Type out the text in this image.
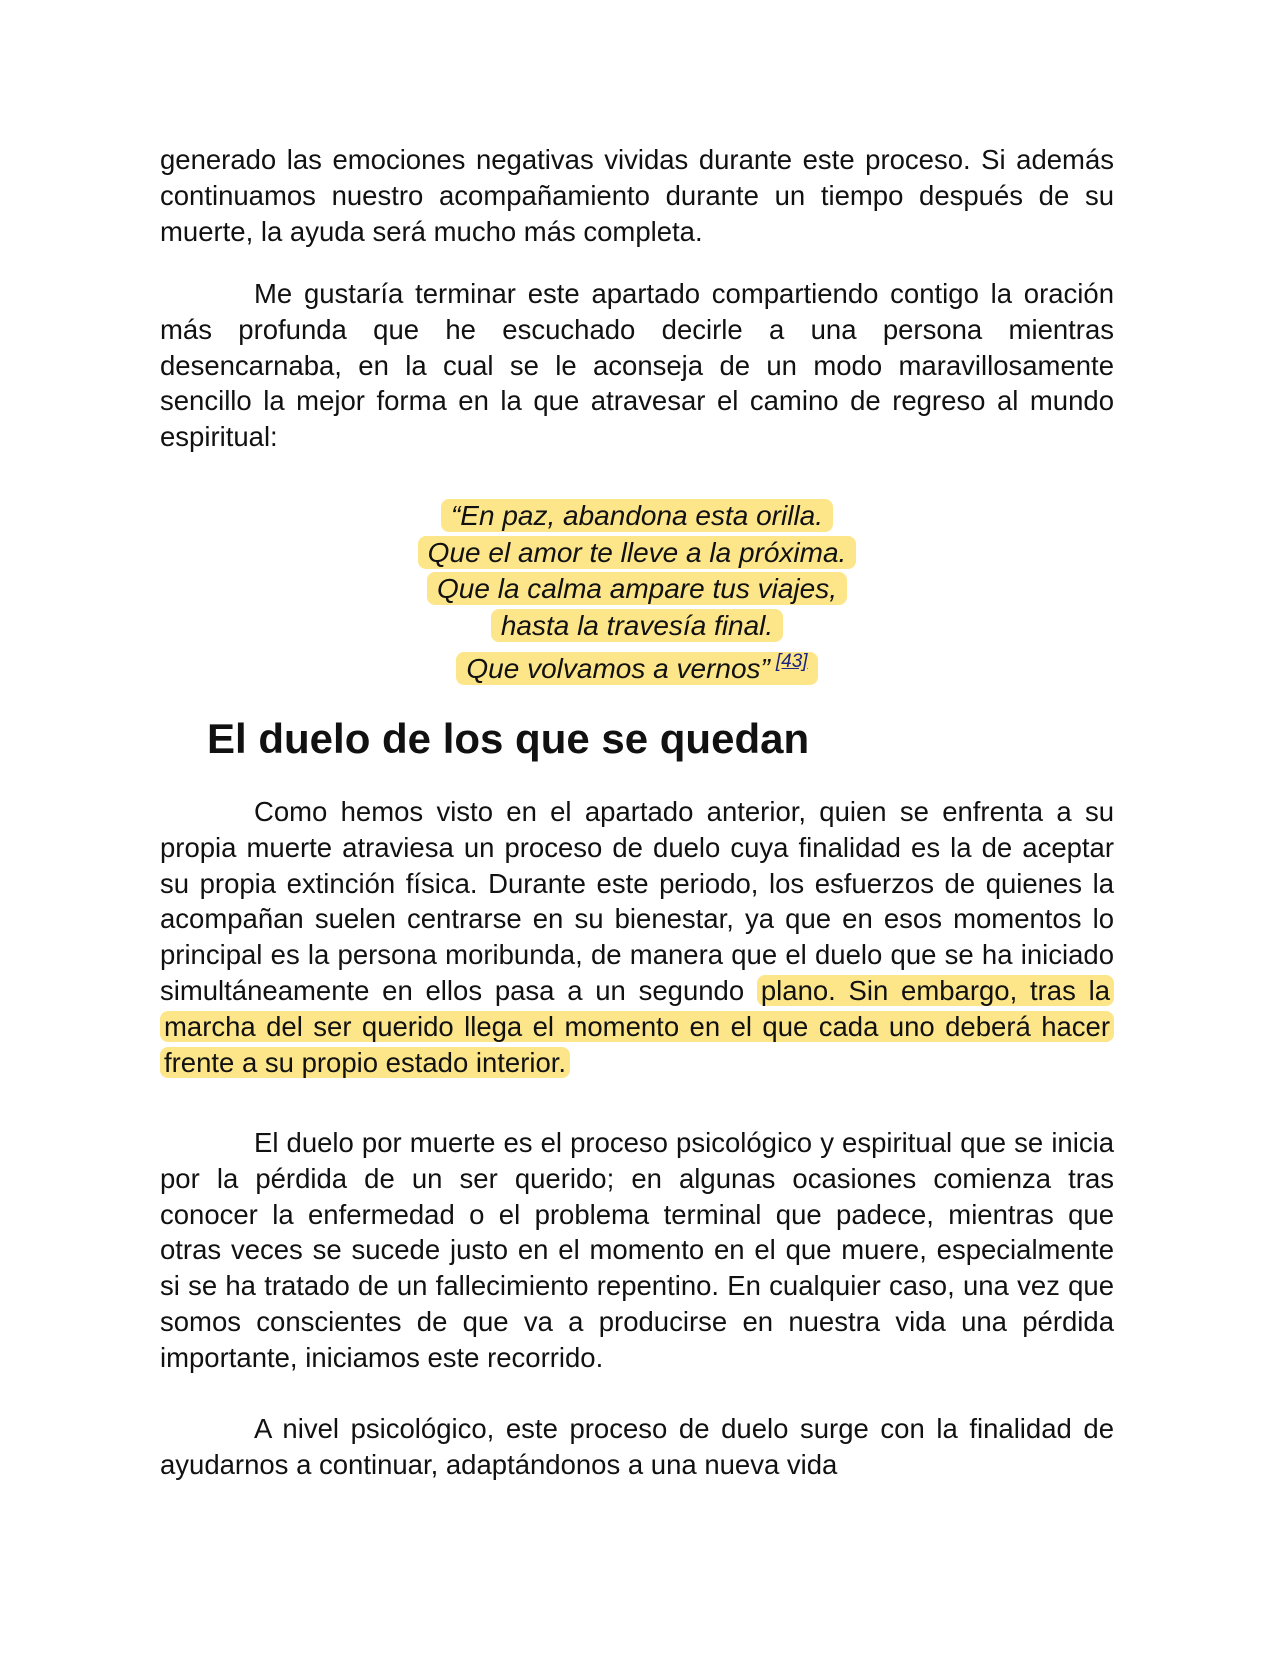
generado las emociones negativas vividas durante este proceso. Si además continuamos nuestro acompañamiento durante un tiempo después de su muerte, la ayuda será mucho más completa.

Me gustaría terminar este apartado compartiendo contigo la oración más profunda que he escuchado decirle a una persona mientras desencarnaba, en la cual se le aconseja de un modo maravillosamente sencillo la mejor forma en la que atravesar el camino de regreso al mundo espiritual:

“En paz, abandona esta orilla.
Que el amor te lleve a la próxima.
Que la calma ampare tus viajes,
hasta la travesía final.
Que volvamos a vernos” [43]
El duelo de los que se quedan

Como hemos visto en el apartado anterior, quien se enfrenta a su propia muerte atraviesa un proceso de duelo cuya finalidad es la de aceptar su propia extinción física. Durante este periodo, los esfuerzos de quienes la acompañan suelen centrarse en su bienestar, ya que en esos momentos lo principal es la persona moribunda, de manera que el duelo que se ha iniciado simultáneamente en ellos pasa a un segundo plano. Sin embargo, tras la marcha del ser querido llega el momento en el que cada uno deberá hacer frente a su propio estado interior.

El duelo por muerte es el proceso psicológico y espiritual que se inicia por la pérdida de un ser querido; en algunas ocasiones comienza tras conocer la enfermedad o el problema terminal que padece, mientras que otras veces se sucede justo en el momento en el que muere, especialmente si se ha tratado de un fallecimiento repentino. En cualquier caso, una vez que somos conscientes de que va a producirse en nuestra vida una pérdida importante, iniciamos este recorrido.

A nivel psicológico, este proceso de duelo surge con la finalidad de ayudarnos a continuar, adaptándonos a una nueva vida
